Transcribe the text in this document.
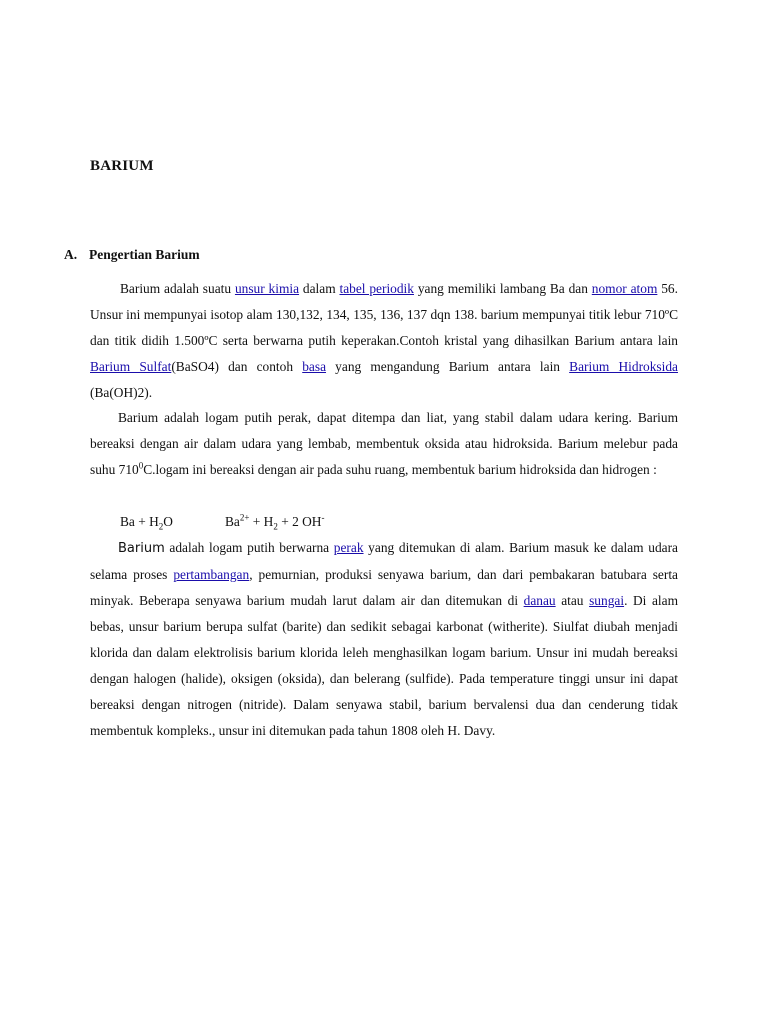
BARIUM
A. Pengertian Barium

Barium adalah suatu unsur kimia dalam tabel periodik yang memiliki lambang Ba dan nomor atom 56. Unsur ini mempunyai isotop alam 130,132, 134, 135, 136, 137 dqn 138. barium mempunyai titik lebur 710ºC dan titik didih 1.500ºC serta berwarna putih keperakan.Contoh kristal yang dihasilkan Barium antara lain Barium Sulfat(BaSO4) dan contoh basa yang mengandung Barium antara lain Barium Hidroksida (Ba(OH)2).

Barium adalah logam putih perak, dapat ditempa dan liat, yang stabil dalam udara kering. Barium bereaksi dengan air dalam udara yang lembab, membentuk oksida atau hidroksida. Barium melebur pada suhu $710^0C.logam$ ini bereaksi dengan air pada suhu ruang, membentuk barium hidroksida dan hidrogen :

$Ba + H_2O$	$Ba^{2+} + H_2 + 2$ OH-

Barium adalah logam putih berwarna perak yang ditemukan di alam. Barium masuk ke dalam udara selama proses pertambangan, pemurnian, produksi senyawa barium, dan dari pembakaran batubara serta minyak. Beberapa senyawa barium mudah larut dalam air dan ditemukan di danau atau sungai. Di alam bebas, unsur barium berupa sulfat (barite) dan sedikit sebagai karbonat (witherite). Siulfat diubah menjadi klorida dan dalam elektrolisis barium klorida leleh menghasilkan logam barium. Unsur ini mudah bereaksi dengan halogen (halide), oksigen (oksida), dan belerang (sulfide). Pada temperature tinggi unsur ini dapat bereaksi dengan nitrogen (nitride). Dalam senyawa stabil, barium bervalensi dua dan cenderung tidak membentuk kompleks., unsur ini ditemukan pada tahun 1808 oleh H. Davy.
